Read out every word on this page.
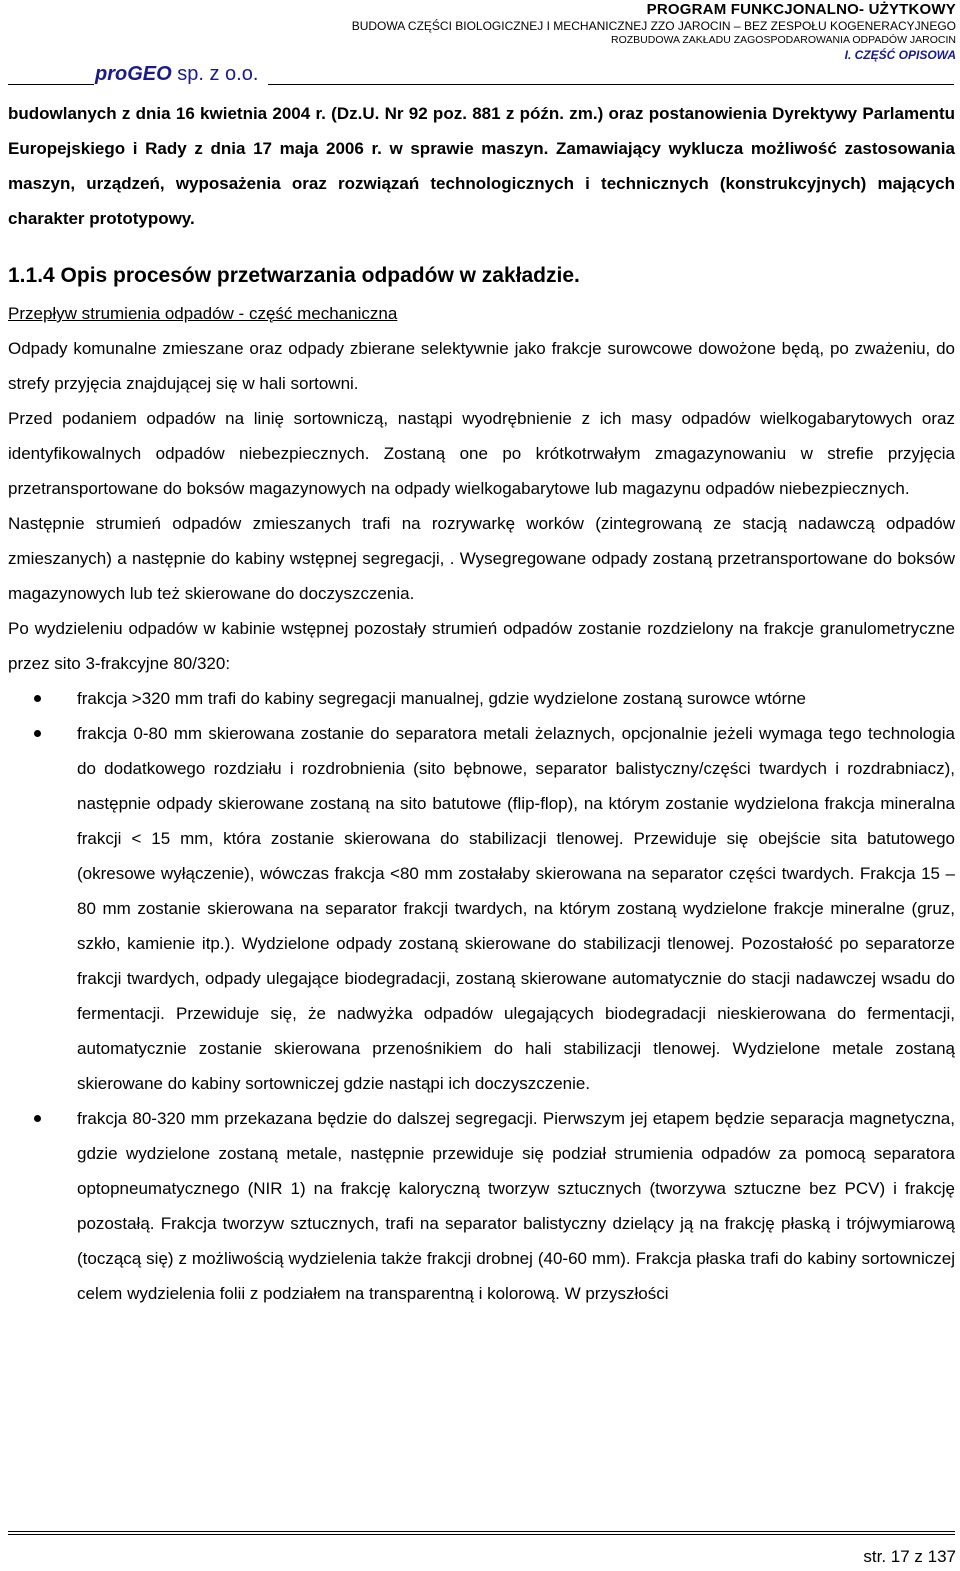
PROGRAM FUNKCJONALNO- UŻYTKOWY
BUDOWA CZĘŚCI BIOLOGICZNEJ I MECHANICZNEJ ZZO JAROCIN – BEZ ZESPOŁU KOGENERACYJNEGO
ROZBUDOWA ZAKŁADU ZAGOSPODAROWANIA ODPADÓW JAROCIN
I. CZĘŚĆ OPISOWA
proGEO sp. z o.o.

budowlanych z dnia 16 kwietnia 2004 r. (Dz.U. Nr 92 poz. 881 z późn. zm.) oraz postanowienia Dyrektywy Parlamentu Europejskiego i Rady z dnia 17 maja 2006 r. w sprawie maszyn. Zamawiający wyklucza możliwość zastosowania maszyn, urządzeń, wyposażenia oraz rozwiązań technologicznych i technicznych (konstrukcyjnych) mających charakter prototypowy.

1.1.4 Opis procesów przetwarzania odpadów w zakładzie.

Przepływ strumienia odpadów - część mechaniczna

Odpady komunalne zmieszane oraz odpady zbierane selektywnie jako frakcje surowcowe dowożone będą, po zważeniu, do strefy przyjęcia znajdującej się w hali sortowni.

Przed podaniem odpadów na linię sortowniczą, nastąpi wyodrębnienie z ich masy odpadów wielkogabarytowych oraz identyfikowalnych odpadów niebezpiecznych. Zostaną one po krótkotrwałym zmagazynowaniu w strefie przyjęcia przetransportowane do boksów magazynowych na odpady wielkogabarytowe lub magazynu odpadów niebezpiecznych.

Następnie strumień odpadów zmieszanych trafi na rozrywarkę worków (zintegrowaną ze stacją nadawczą odpadów zmieszanych) a następnie do kabiny wstępnej segregacji, . Wysegregowane odpady zostaną przetransportowane do boksów magazynowych lub też skierowane do doczyszczenia.

Po wydzieleniu odpadów w kabinie wstępnej pozostały strumień odpadów zostanie rozdzielony na frakcje granulometryczne przez sito 3-frakcyjne 80/320:

frakcja >320 mm trafi do kabiny segregacji manualnej, gdzie wydzielone zostaną surowce wtórne
frakcja 0-80 mm skierowana zostanie do separatora metali żelaznych, opcjonalnie jeżeli wymaga tego technologia do dodatkowego rozdziału i rozdrobnienia (sito bębnowe, separator balistyczny/części twardych i rozdrabniacz), następnie odpady skierowane zostaną na sito batutowe (flip-flop), na którym zostanie wydzielona frakcja mineralna frakcji < 15 mm, która zostanie skierowana do stabilizacji tlenowej. Przewiduje się obejście sita batutowego (okresowe wyłączenie), wówczas frakcja <80 mm zostałaby skierowana na separator części twardych. Frakcja 15 – 80 mm zostanie skierowana na separator frakcji twardych, na którym zostaną wydzielone frakcje mineralne (gruz, szkło, kamienie itp.). Wydzielone odpady zostaną skierowane do stabilizacji tlenowej. Pozostałość po separatorze frakcji twardych, odpady ulegające biodegradacji, zostaną skierowane automatycznie do stacji nadawczej wsadu do fermentacji. Przewiduje się, że nadwyżka odpadów ulegających biodegradacji nieskierowana do fermentacji, automatycznie zostanie skierowana przenośnikiem do hali stabilizacji tlenowej. Wydzielone metale zostaną skierowane do kabiny sortowniczej gdzie nastąpi ich doczyszczenie.
frakcja 80-320 mm przekazana będzie do dalszej segregacji. Pierwszym jej etapem będzie separacja magnetyczna, gdzie wydzielone zostaną metale, następnie przewiduje się podział strumienia odpadów za pomocą separatora optopneumatycznego (NIR 1) na frakcję kaloryczną tworzyw sztucznych (tworzywa sztuczne bez PCV) i frakcję pozostałą. Frakcja tworzyw sztucznych, trafi na separator balistyczny dzielący ją na frakcję płaską i trójwymiarową (toczącą się) z możliwością wydzielenia także frakcji drobnej (40-60 mm). Frakcja płaska trafi do kabiny sortowniczej celem wydzielenia folii z podziałem na transparentną i kolorową. W przyszłości
str. 17 z 137
